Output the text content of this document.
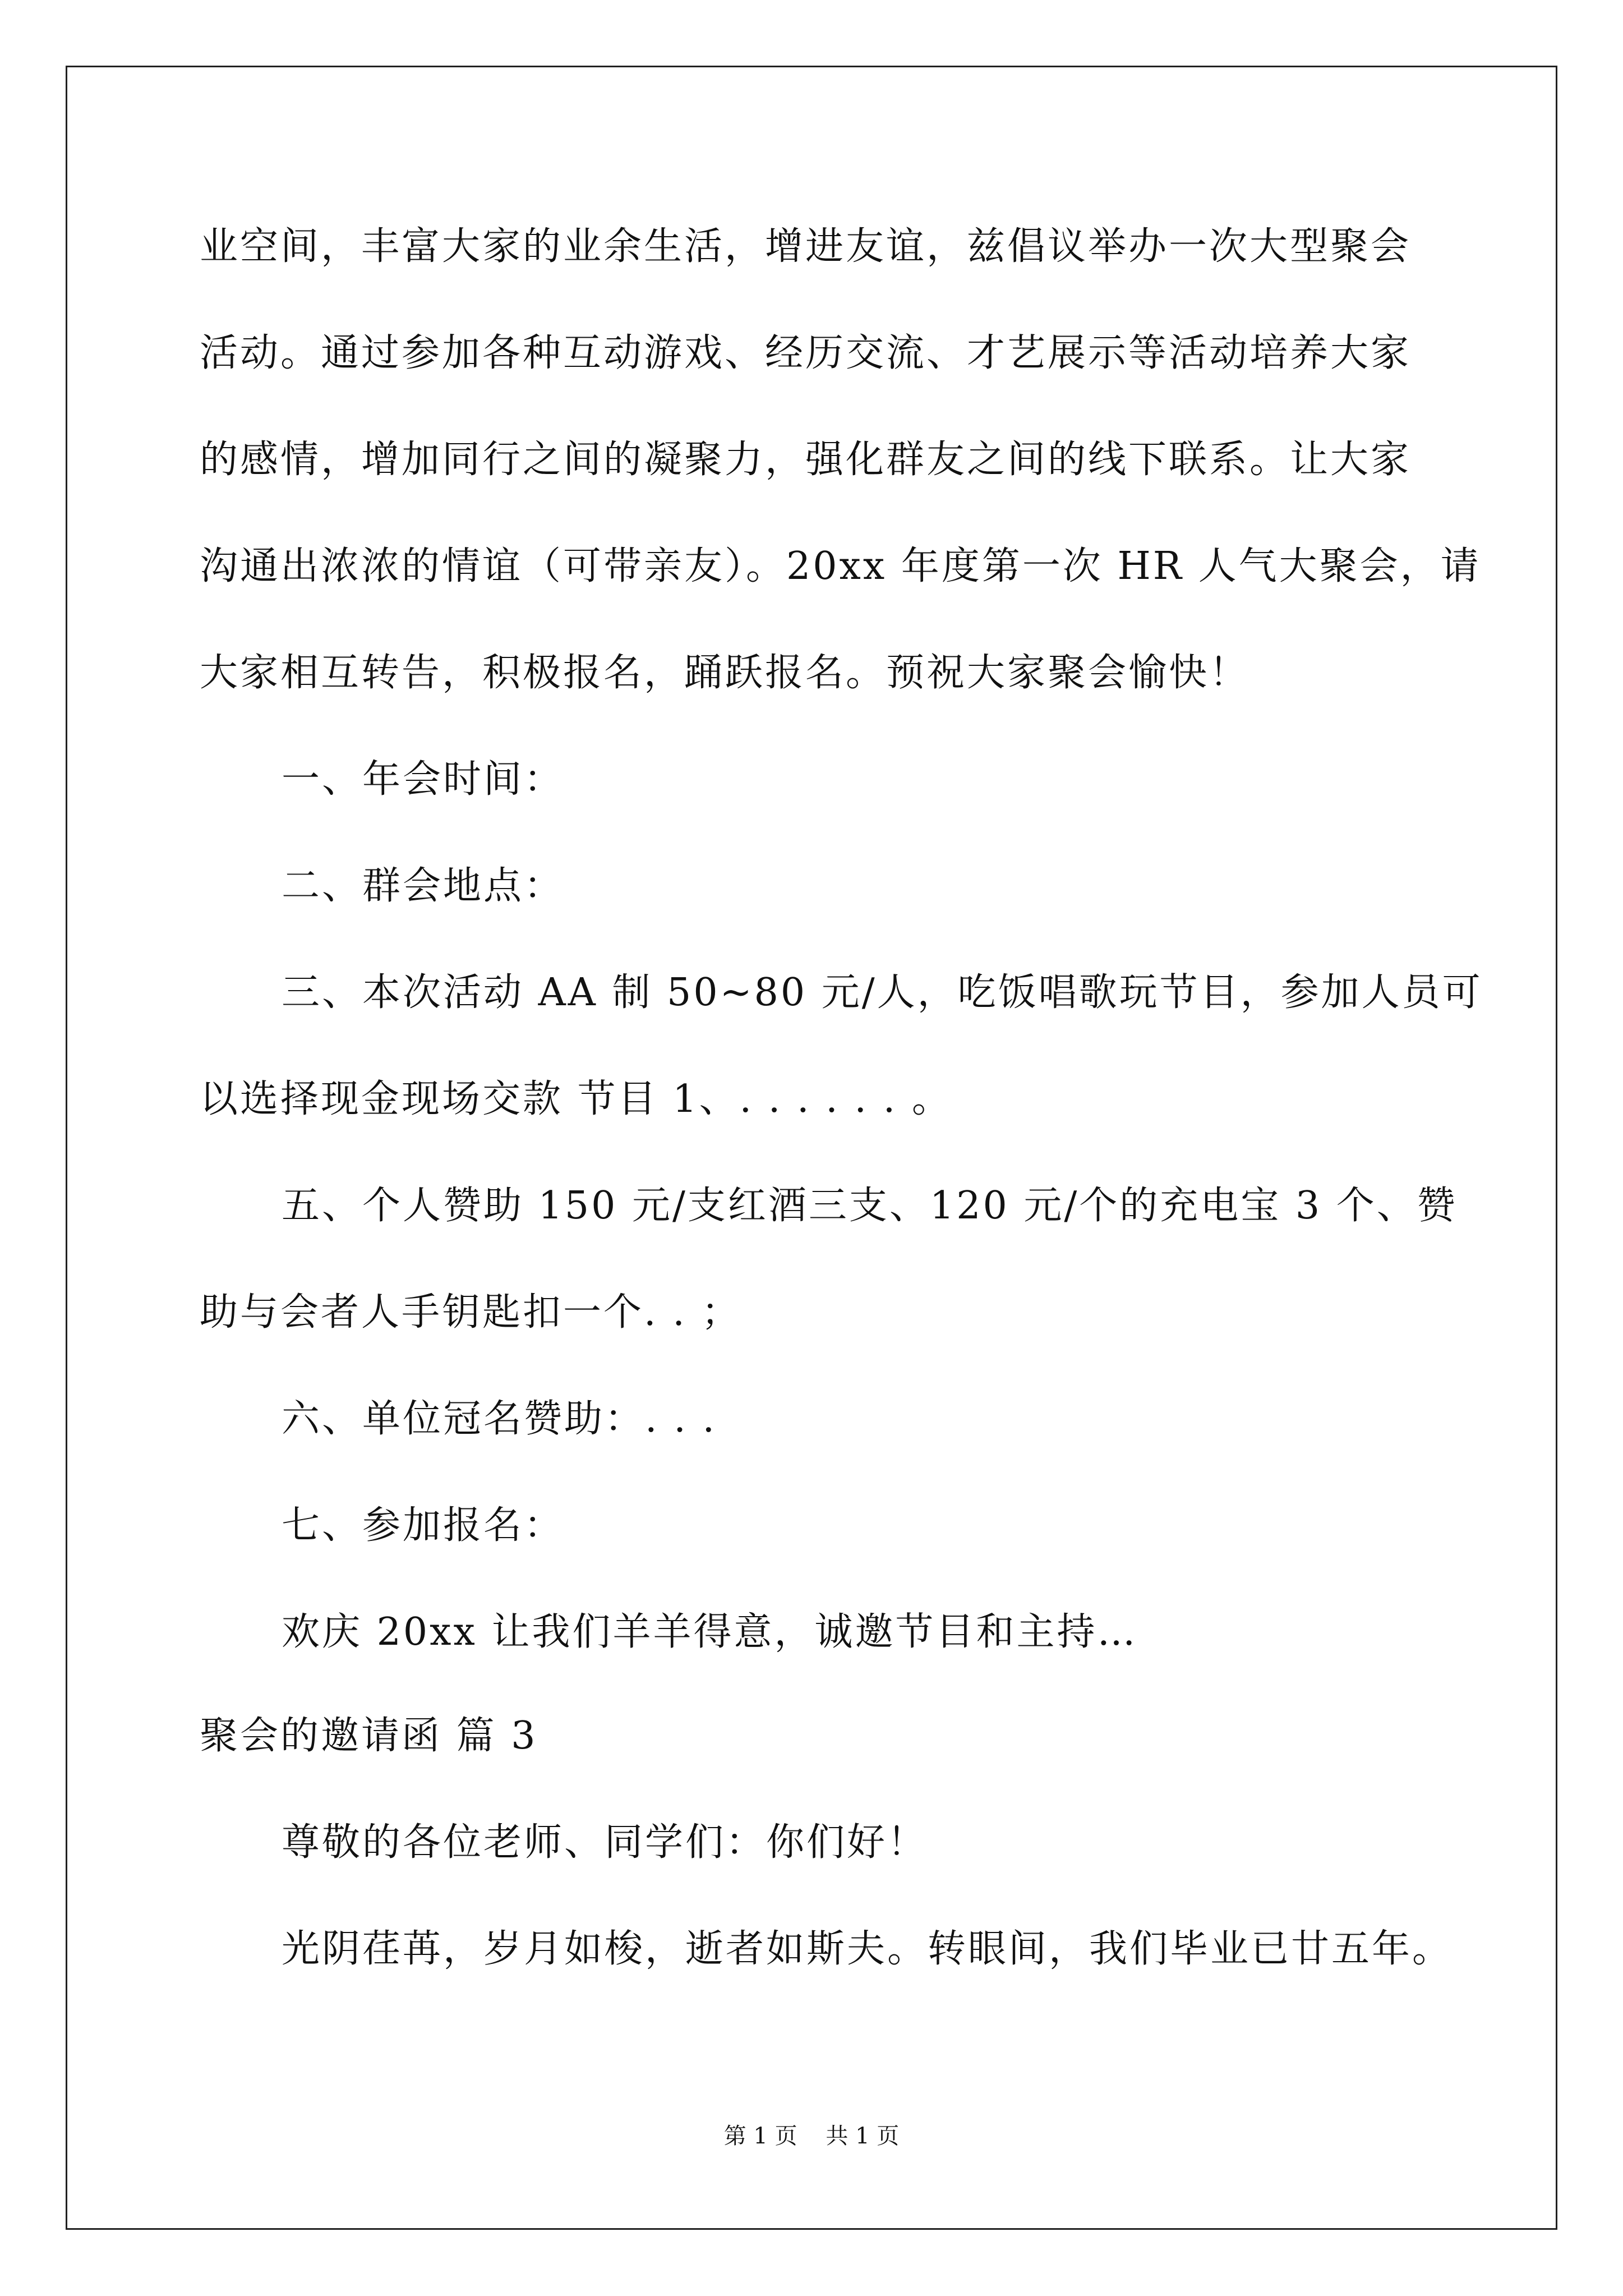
业空间，丰富大家的业余生活，增进友谊，兹倡议举办一次大型聚会
活动。通过参加各种互动游戏、经历交流、才艺展示等活动培养大家
的感情，增加同行之间的凝聚力，强化群友之间的线下联系。让大家
沟通出浓浓的情谊（可带亲友）。20xx 年度第一次 HR 人气大聚会，请
大家相互转告，积极报名，踊跃报名。预祝大家聚会愉快！
一、年会时间：
二、群会地点：
三、本次活动 AA 制 50~80 元/人，吃饭唱歌玩节目，参加人员可
以选择现金现场交款 节目 1、. . . . . . 。
五、个人赞助 150 元/支红酒三支、120 元/个的充电宝 3 个、赞
助与会者人手钥匙扣一个. . ；
六、单位冠名赞助：. . .
七、参加报名：
欢庆 20xx 让我们羊羊得意，诚邀节目和主持…
聚会的邀请函 篇 3
尊敬的各位老师、同学们：你们好！
光阴荏苒，岁月如梭，逝者如斯夫。转眼间，我们毕业已廿五年。
第 1 页    共 1 页
